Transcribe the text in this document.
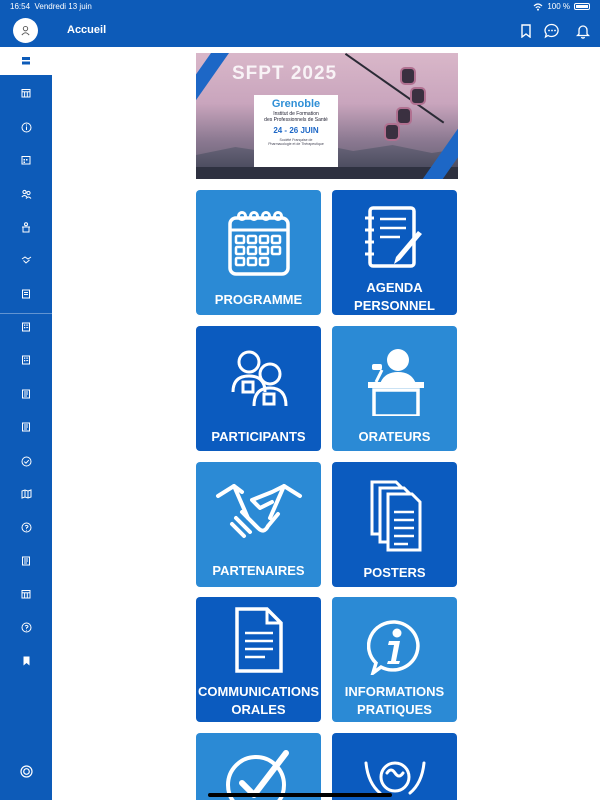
16:54 Vendredi 13 juin	100 %
Accueil
SFPT 2025
Grenoble
Institut de Formation
des Professionnels de Santé
24 - 26 JUIN
Société Française de
Pharmacologie et de Thérapeutique
PROGRAMME
AGENDA
PERSONNEL
PARTICIPANTS	ORATEURS
PARTENAIRES	POSTERS
COMMUNICATIONS
ORALES
INFORMATIONS
PRATIQUES
